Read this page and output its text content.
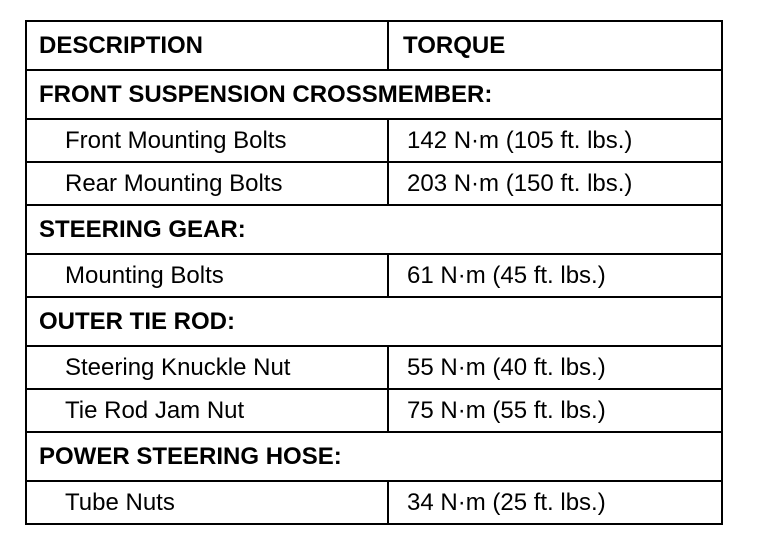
DESCRIPTION	TORQUE
FRONT SUSPENSION CROSSMEMBER:	
Front Mounting Bolts	142 N·m (105 ft. lbs.)
Rear Mounting Bolts	203 N·m (150 ft. lbs.)
STEERING GEAR:	
Mounting Bolts	61 N·m (45 ft. lbs.)
OUTER TIE ROD:	
Steering Knuckle Nut	55 N·m (40 ft. lbs.)
Tie Rod Jam Nut	75 N·m (55 ft. lbs.)
POWER STEERING HOSE:	
Tube Nuts	34 N·m (25 ft. lbs.)
